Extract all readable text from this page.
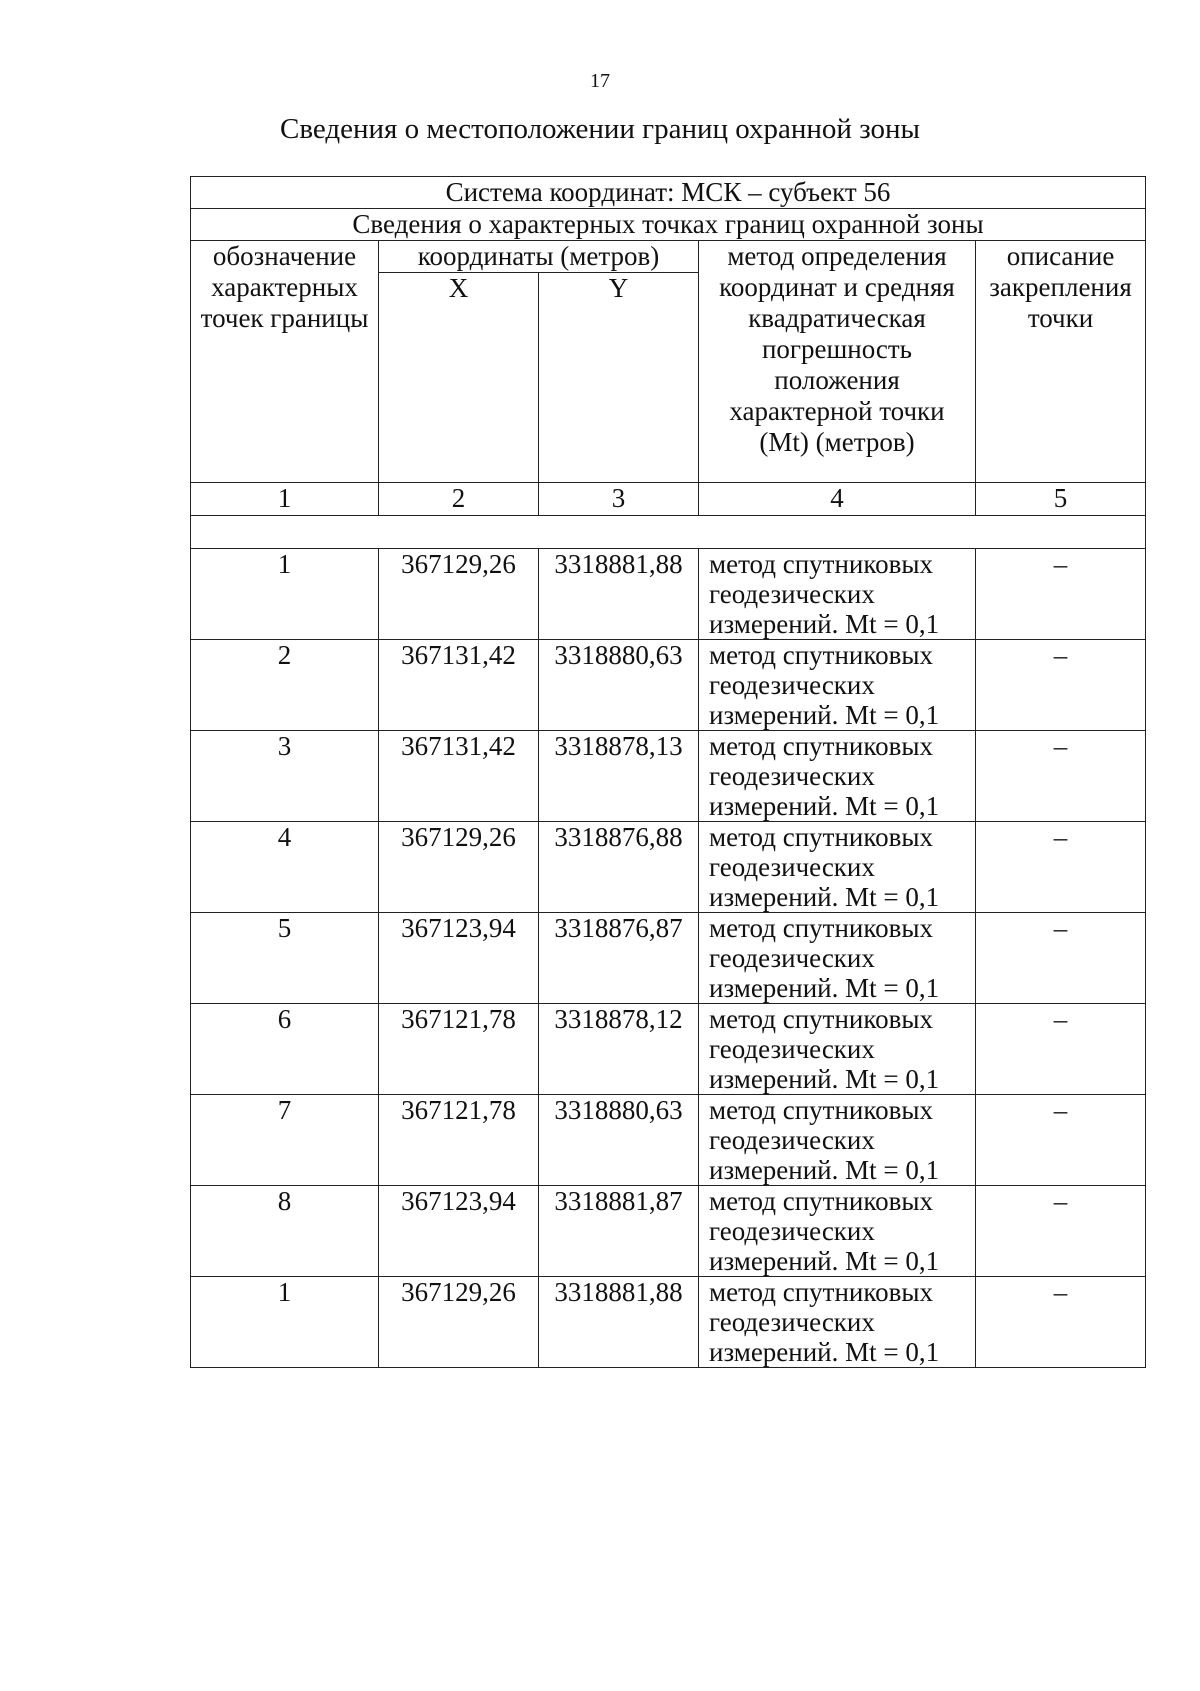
17
Сведения о местоположении границ охранной зоны
Система координат: МСК – субъект 56				
Сведения о характерных точках границ охранной зоны				
обозначение характерных точек границы	координаты (метров)		метод определения координат и средняя квадратическая погрешность положения характерной точки (Mt) (метров)	описание закрепления точки
	X	Y		
1	2	3	4	5

1	367129,26	3318881,88	метод спутниковых геодезических измерений. Mt = 0,1	–
2	367131,42	3318880,63	метод спутниковых геодезических измерений. Mt = 0,1	–
3	367131,42	3318878,13	метод спутниковых геодезических измерений. Mt = 0,1	–
4	367129,26	3318876,88	метод спутниковых геодезических измерений. Mt = 0,1	–
5	367123,94	3318876,87	метод спутниковых геодезических измерений. Mt = 0,1	–
6	367121,78	3318878,12	метод спутниковых геодезических измерений. Mt = 0,1	–
7	367121,78	3318880,63	метод спутниковых геодезических измерений. Mt = 0,1	–
8	367123,94	3318881,87	метод спутниковых геодезических измерений. Mt = 0,1	–
1	367129,26	3318881,88	метод спутниковых геодезических измерений. Mt = 0,1	–
